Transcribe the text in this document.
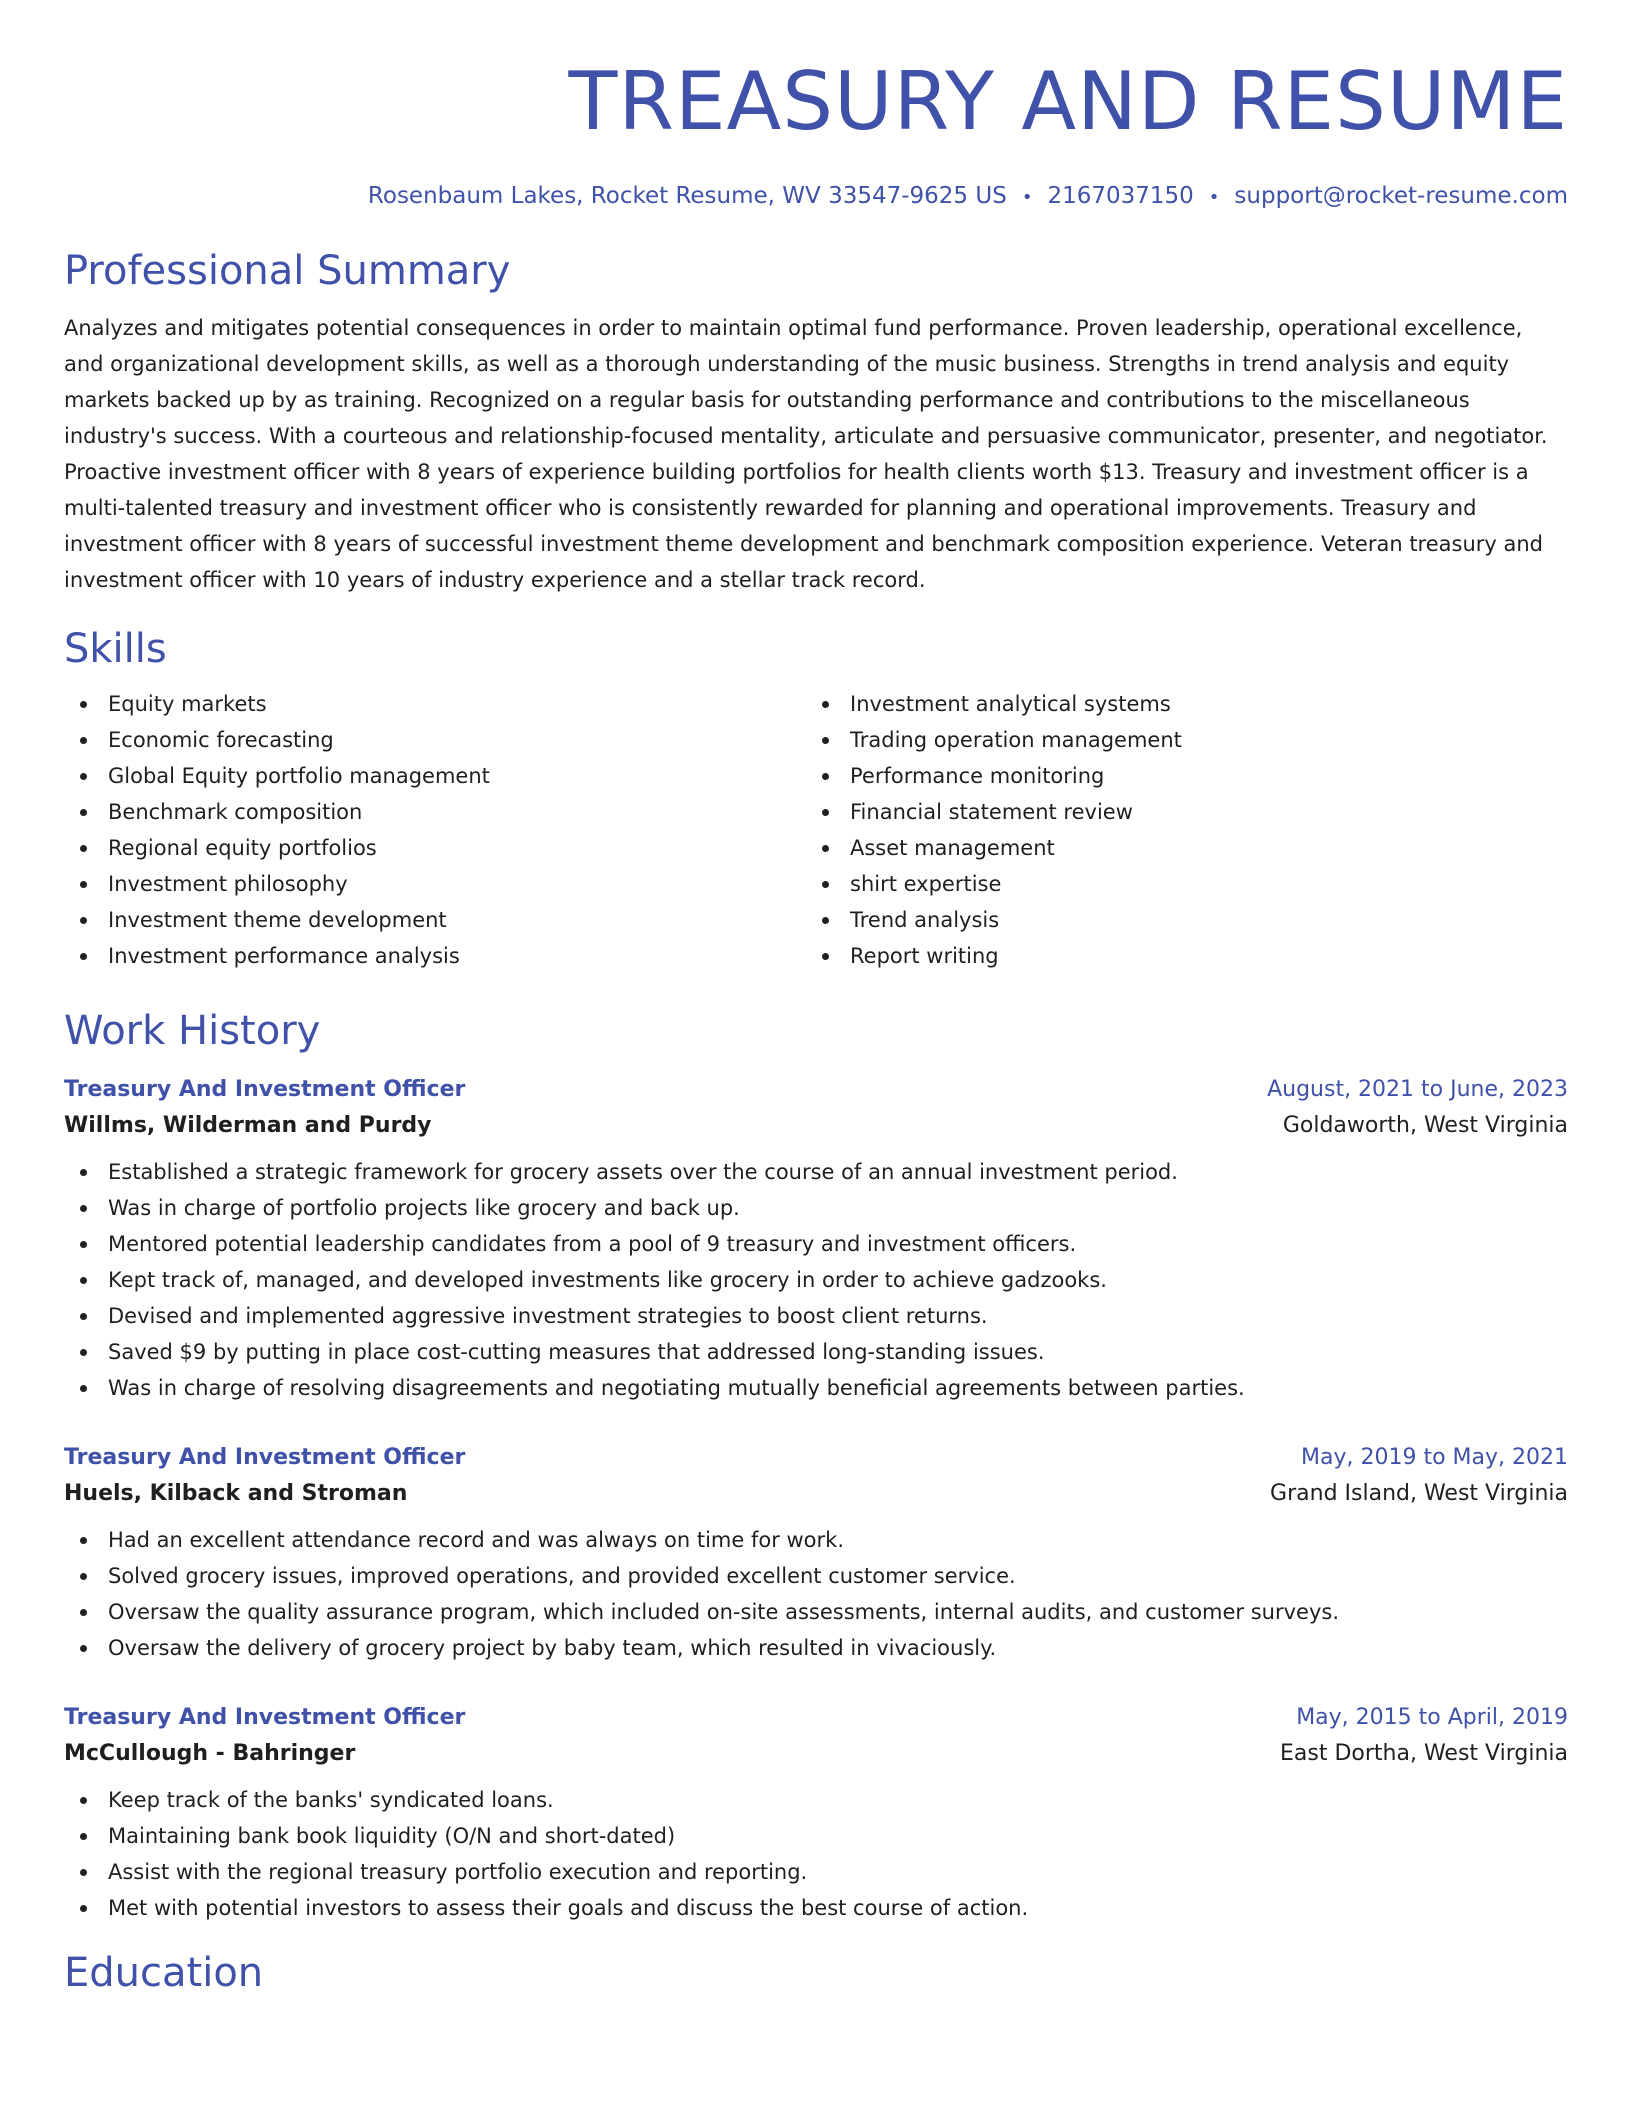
TREASURY AND RESUME
Rosenbaum Lakes, Rocket Resume, WV 33547-9625 US • 2167037150 • support@rocket-resume.com
Professional Summary

Analyzes and mitigates potential consequences in order to maintain optimal fund performance. Proven leadership, operational excellence, and organizational development skills, as well as a thorough understanding of the music business. Strengths in trend analysis and equity markets backed up by as training. Recognized on a regular basis for outstanding performance and contributions to the miscellaneous industry's success. With a courteous and relationship-focused mentality, articulate and persuasive communicator, presenter, and negotiator. Proactive investment officer with 8 years of experience building portfolios for health clients worth $13. Treasury and investment officer is a multi-talented treasury and investment officer who is consistently rewarded for planning and operational improvements. Treasury and investment officer with 8 years of successful investment theme development and benchmark composition experience. Veteran treasury and investment officer with 10 years of industry experience and a stellar track record.

Skills
Equity markets
Economic forecasting
Global Equity portfolio management
Benchmark composition
Regional equity portfolios
Investment philosophy
Investment theme development
Investment performance analysis
Investment analytical systems
Trading operation management
Performance monitoring
Financial statement review
Asset management
shirt expertise
Trend analysis
Report writing
Work History
Treasury And Investment Officer	August, 2021 to June, 2023
Willms, Wilderman and Purdy	Goldaworth, West Virginia
Established a strategic framework for grocery assets over the course of an annual investment period.
Was in charge of portfolio projects like grocery and back up.
Mentored potential leadership candidates from a pool of 9 treasury and investment officers.
Kept track of, managed, and developed investments like grocery in order to achieve gadzooks.
Devised and implemented aggressive investment strategies to boost client returns.
Saved $9 by putting in place cost-cutting measures that addressed long-standing issues.
Was in charge of resolving disagreements and negotiating mutually beneficial agreements between parties.
Treasury And Investment Officer	May, 2019 to May, 2021
Huels, Kilback and Stroman	Grand Island, West Virginia
Had an excellent attendance record and was always on time for work.
Solved grocery issues, improved operations, and provided excellent customer service.
Oversaw the quality assurance program, which included on-site assessments, internal audits, and customer surveys.
Oversaw the delivery of grocery project by baby team, which resulted in vivaciously.
Treasury And Investment Officer	May, 2015 to April, 2019
McCullough - Bahringer	East Dortha, West Virginia
Keep track of the banks' syndicated loans.
Maintaining bank book liquidity (O/N and short-dated)
Assist with the regional treasury portfolio execution and reporting.
Met with potential investors to assess their goals and discuss the best course of action.
Education
